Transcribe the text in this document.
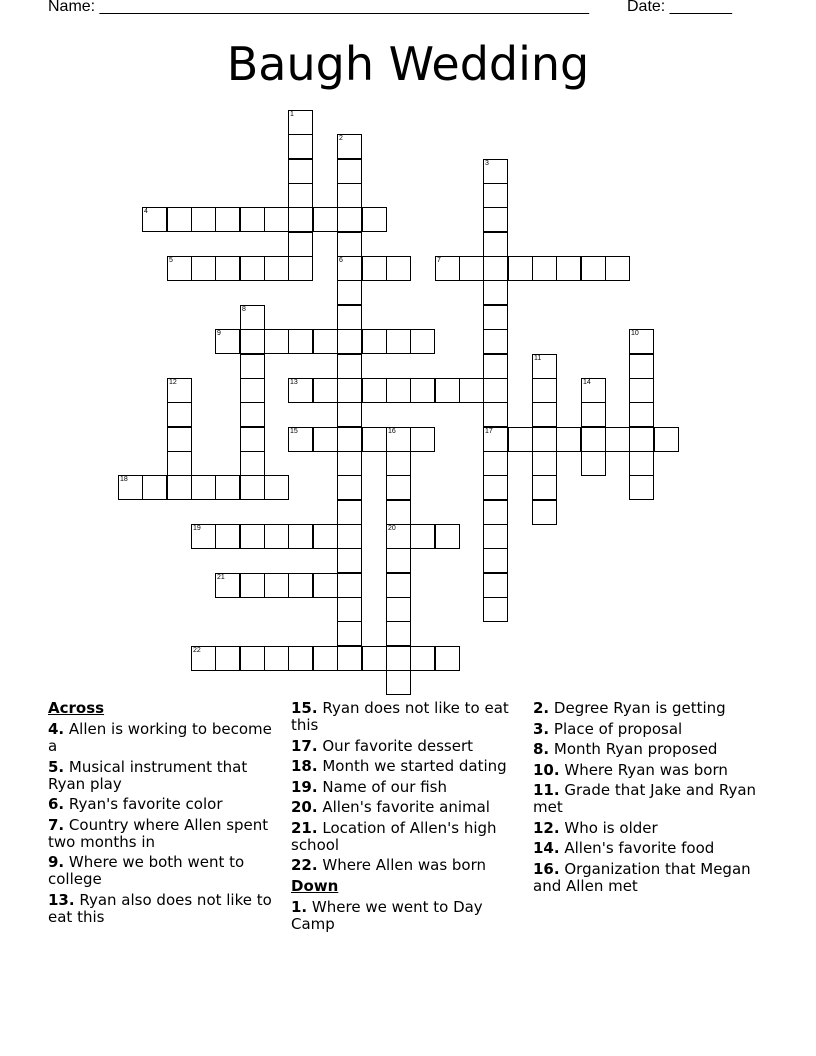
Name: _______________________________________________________ Date: _______
Baugh Wedding
4
5	6	7
9
13
15	16	17
18
19	20
21
22
1
2
3
8
10
11
12	14
Across
4. Allen is working to become a
5. Musical instrument that Ryan play
6. Ryan's favorite color
7. Country where Allen spent two months in
9. Where we both went to college
13. Ryan also does not like to eat this
15. Ryan does not like to eat this
17. Our favorite dessert
18. Month we started dating
19. Name of our fish
20. Allen's favorite animal
21. Location of Allen's high school
22. Where Allen was born
Down
1. Where we went to Day Camp
2. Degree Ryan is getting
3. Place of proposal
8. Month Ryan proposed
10. Where Ryan was born
11. Grade that Jake and Ryan met
12. Who is older
14. Allen's favorite food
16. Organization that Megan and Allen met
